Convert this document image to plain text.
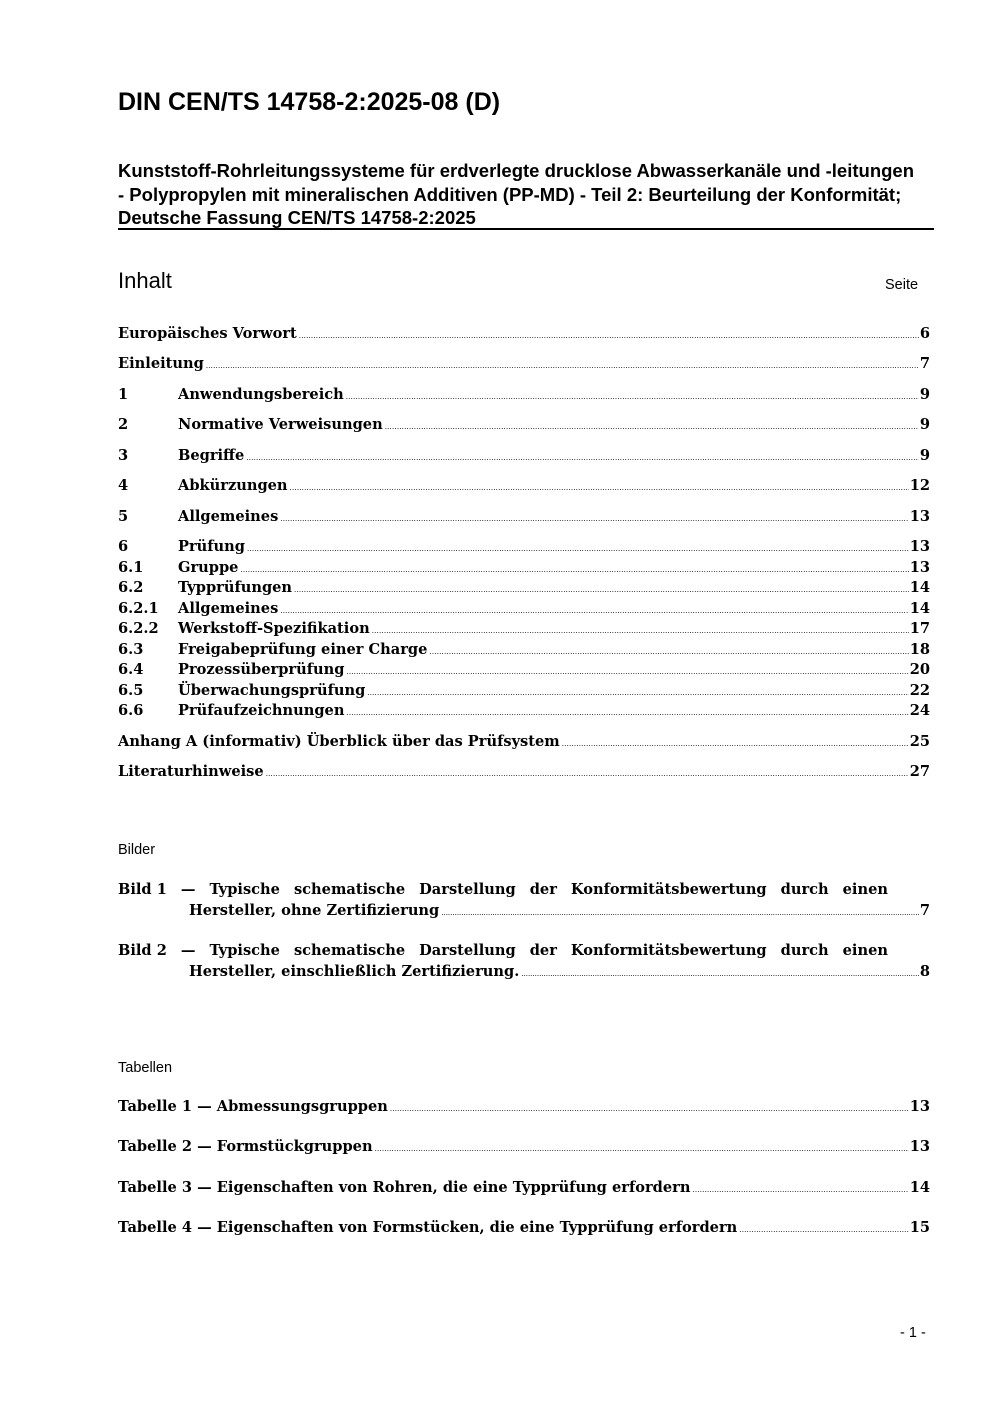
DIN CEN/TS 14758-2:2025-08 (D)
Kunststoff-Rohrleitungssysteme für erdverlegte drucklose Abwasserkanäle und -leitungen - Polypropylen mit mineralischen Additiven (PP-MD) - Teil 2: Beurteilung der Konformität; Deutsche Fassung CEN/TS 14758-2:2025
Inhalt	Seite
Europäisches Vorwort .....	6
Einleitung .....	7
1	Anwendungsbereich .....	9
2	Normative Verweisungen .....	9
3	Begriffe .....	9
4	Abkürzungen .....	12
5	Allgemeines .....	13
6	Prüfung .....	13
6.1	Gruppe .....	13
6.2	Typprüfungen .....	14
6.2.1	Allgemeines .....	14
6.2.2	Werkstoff-Spezifikation .....	17
6.3	Freigabeprüfung einer Charge .....	18
6.4	Prozessüberprüfung .....	20
6.5	Überwachungsprüfung .....	22
6.6	Prüfaufzeichnungen .....	24
Anhang A (informativ) Überblick über das Prüfsystem .....	25
Literaturhinweise .....	27
Bilder
Bild 1 — Typische schematische Darstellung der Konformitätsbewertung durch einen
Hersteller, ohne Zertifizierung .....	7
Bild 2 — Typische schematische Darstellung der Konformitätsbewertung durch einen
Hersteller, einschließlich Zertifizierung. .....	8
Tabellen
Tabelle 1 — Abmessungsgruppen .....	13
Tabelle 2 — Formstückgruppen .....	13
Tabelle 3 — Eigenschaften von Rohren, die eine Typprüfung erfordern .....	14
Tabelle 4 — Eigenschaften von Formstücken, die eine Typprüfung erfordern .....	15
- 1 -
